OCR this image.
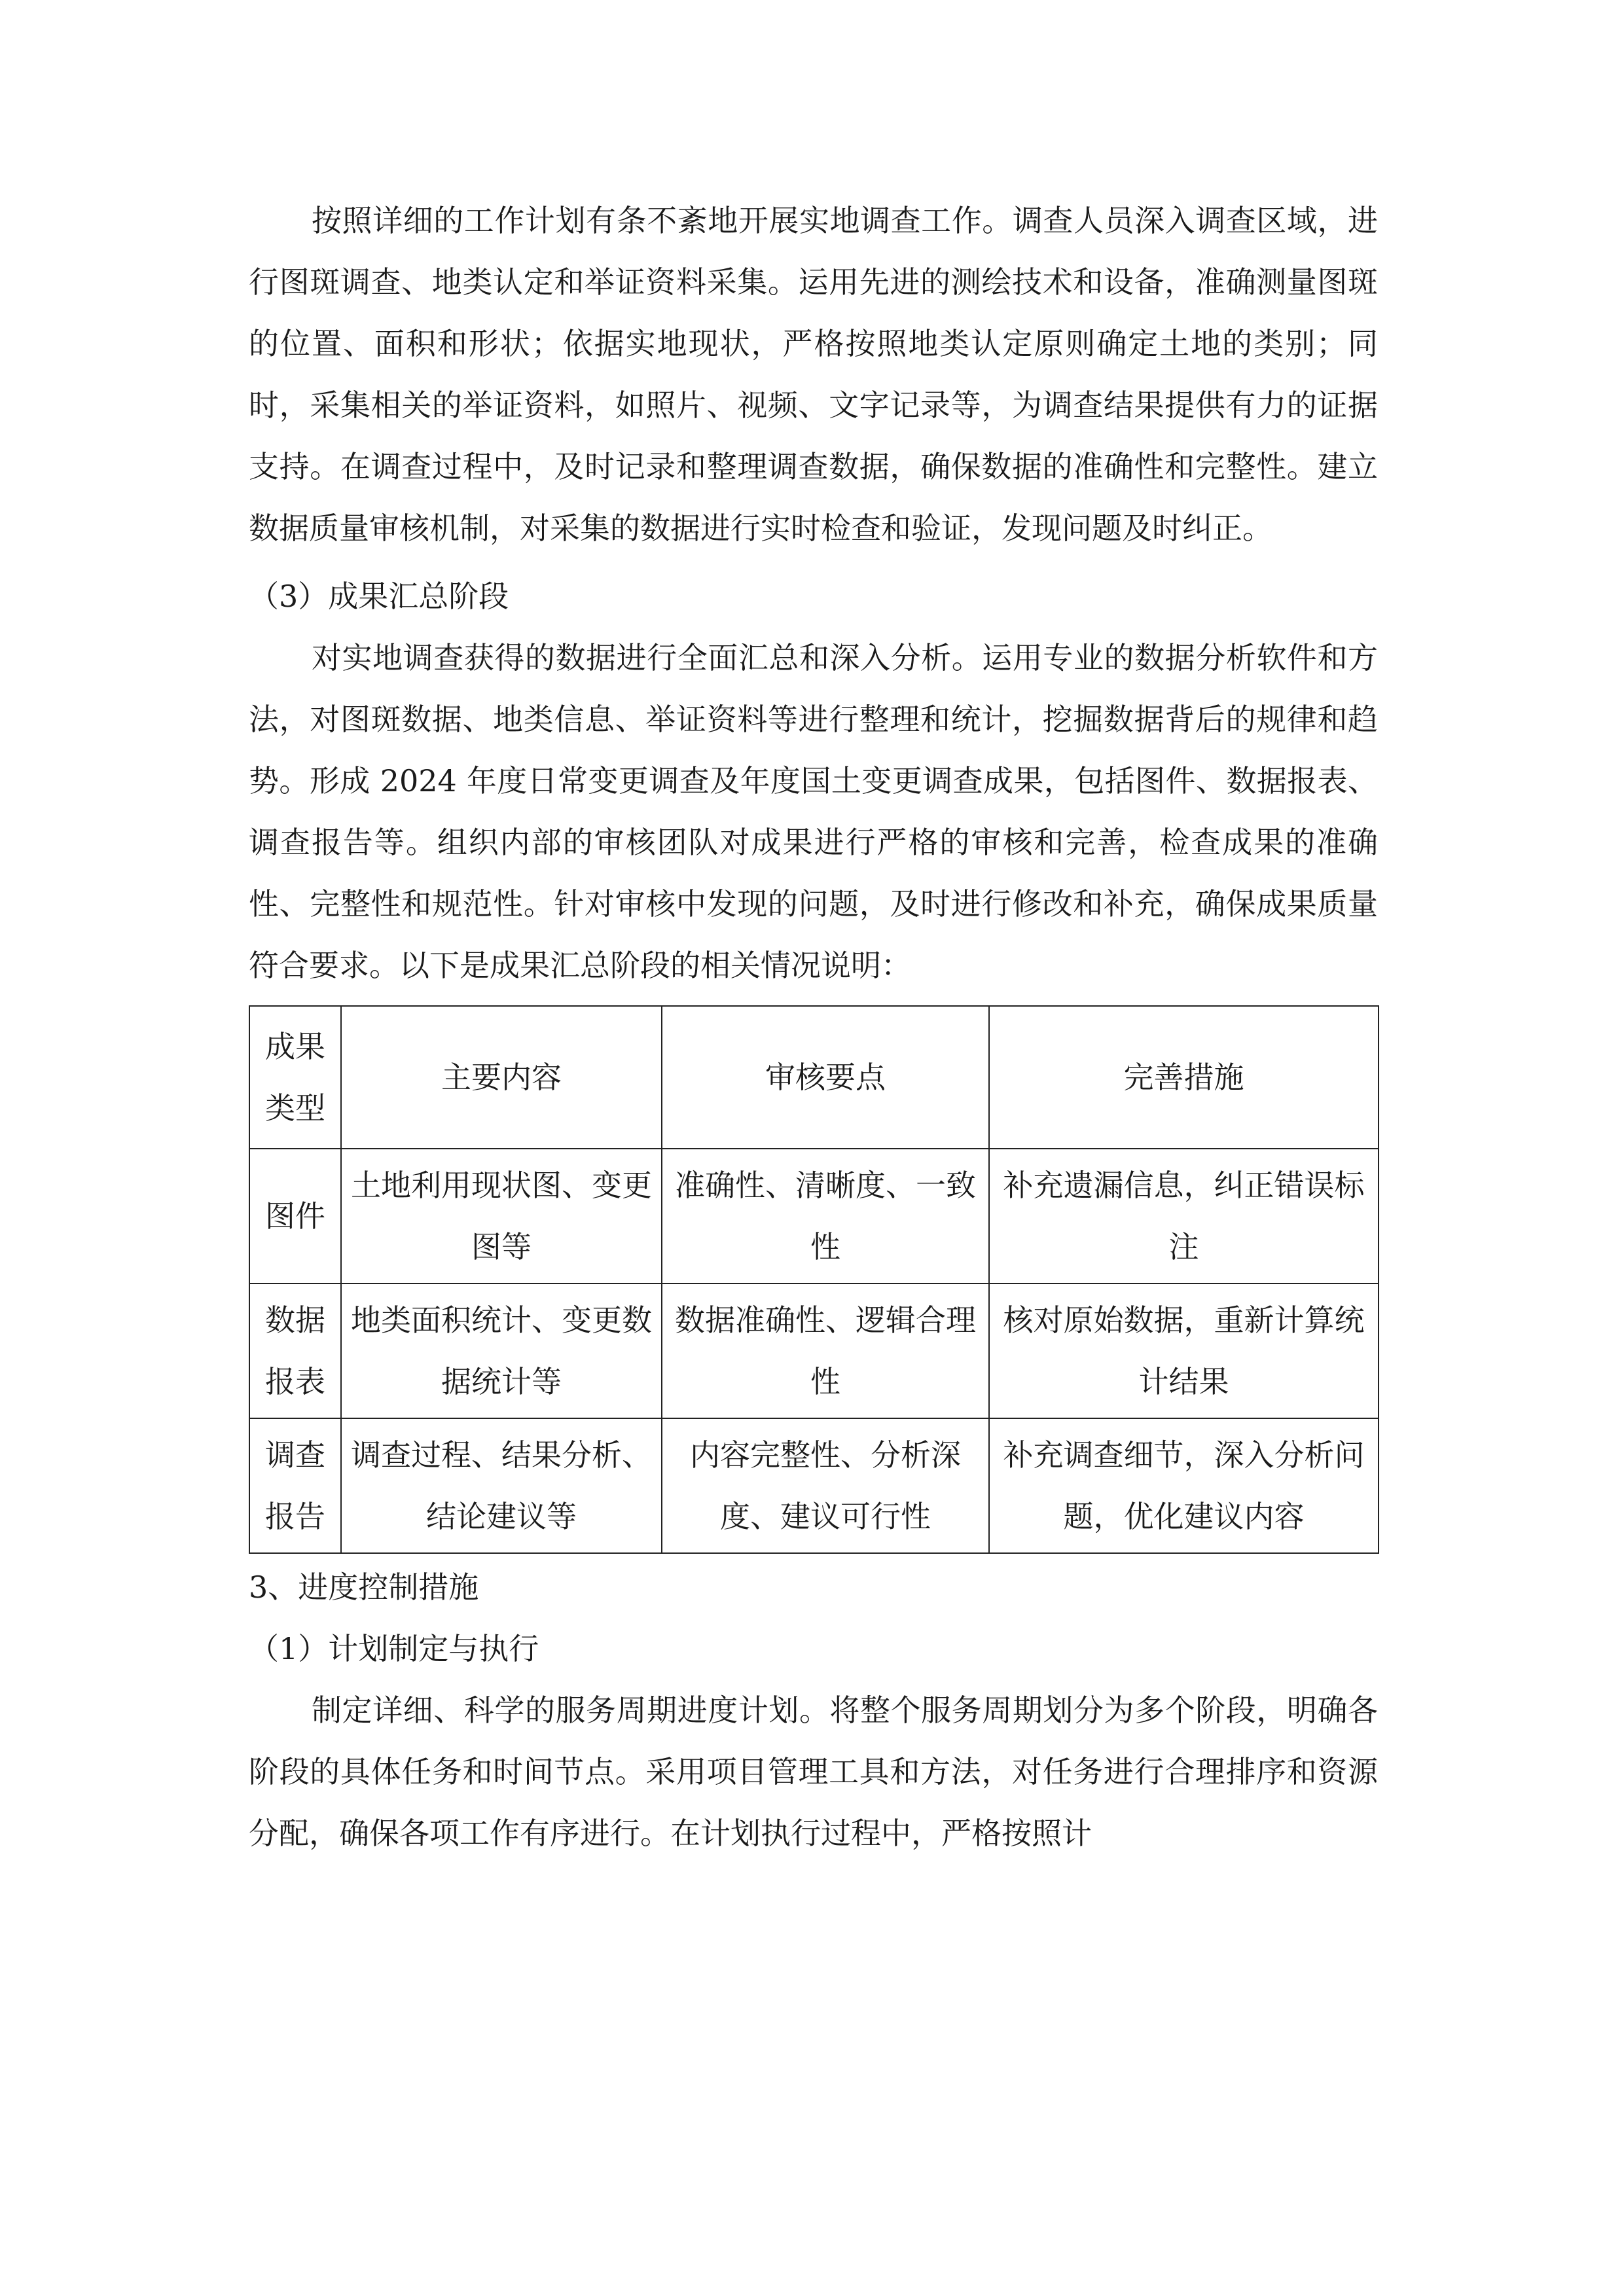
按照详细的工作计划有条不紊地开展实地调查工作。调查人员深入调查区域，进行图斑调查、地类认定和举证资料采集。运用先进的测绘技术和设备，准确测量图斑的位置、面积和形状；依据实地现状，严格按照地类认定原则确定土地的类别；同时，采集相关的举证资料，如照片、视频、文字记录等，为调查结果提供有力的证据支持。在调查过程中，及时记录和整理调查数据，确保数据的准确性和完整性。建立数据质量审核机制，对采集的数据进行实时检查和验证，发现问题及时纠正。

（3）成果汇总阶段

对实地调查获得的数据进行全面汇总和深入分析。运用专业的数据分析软件和方法，对图斑数据、地类信息、举证资料等进行整理和统计，挖掘数据背后的规律和趋势。形成 2024 年度日常变更调查及年度国土变更调查成果，包括图件、数据报表、调查报告等。组织内部的审核团队对成果进行严格的审核和完善，检查成果的准确性、完整性和规范性。针对审核中发现的问题，及时进行修改和补充，确保成果质量符合要求。以下是成果汇总阶段的相关情况说明：

成果类型	主要内容	审核要点	完善措施

图件	土地利用现状图、变更图等	准确性、清晰度、一致性	补充遗漏信息，纠正错误标注

数据报表	地类面积统计、变更数据统计等	数据准确性、逻辑合理性	核对原始数据，重新计算统计结果

调查报告	调查过程、结果分析、结论建议等	内容完整性、分析深度、建议可行性	补充调查细节，深入分析问题，优化建议内容
3、进度控制措施
（1）计划制定与执行

制定详细、科学的服务周期进度计划。将整个服务周期划分为多个阶段，明确各阶段的具体任务和时间节点。采用项目管理工具和方法，对任务进行合理排序和资源分配，确保各项工作有序进行。在计划执行过程中，严格按照计
